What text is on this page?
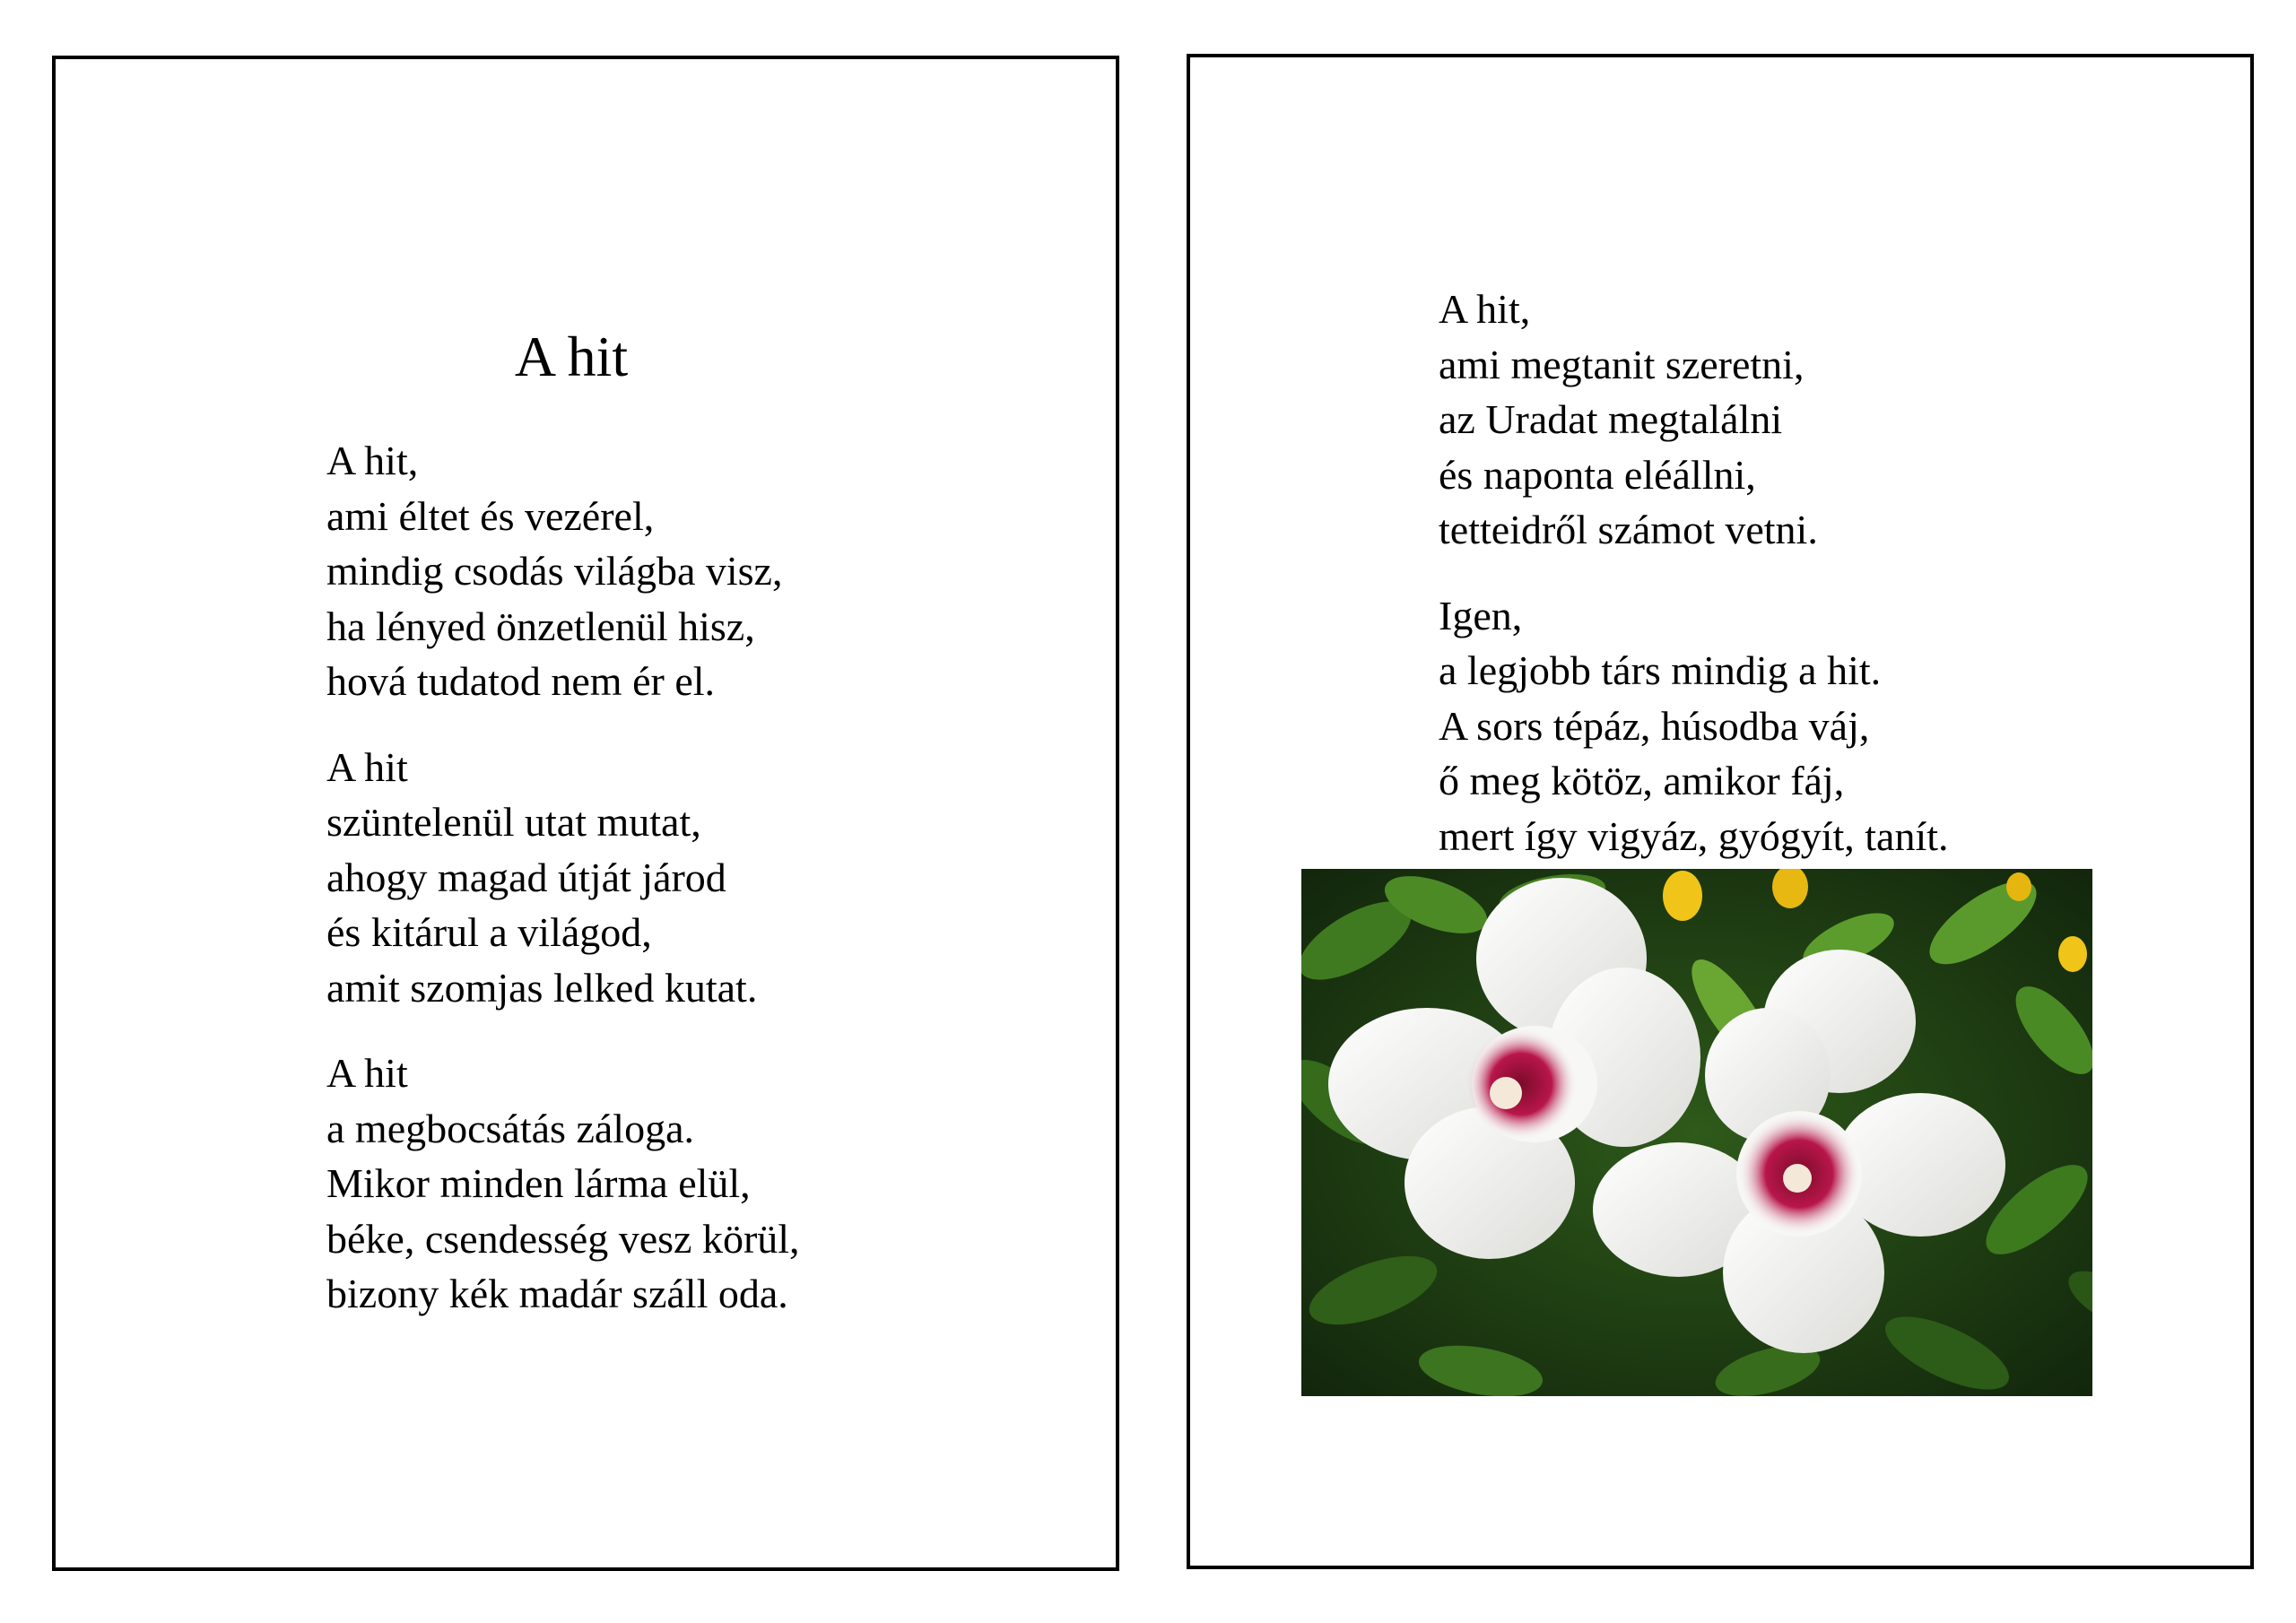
A hit
A hit,
ami éltet és vezérel,
mindig csodás világba visz,
ha lényed önzetlenül hisz,
hová tudatod nem ér el.
A hit
szüntelenül utat mutat,
ahogy magad útját járod
és kitárul a világod,
amit szomjas lelked kutat.
A hit
a megbocsátás záloga.
Mikor minden lárma elül,
béke, csendesség vesz körül,
bizony kék madár száll oda.
A hit,
ami megtanit szeretni,
az Uradat megtalálni
és naponta eléállni,
tetteidről számot vetni.
Igen,
a legjobb társ mindig a hit.
A sors tépáz, húsodba váj,
ő meg kötöz, amikor fáj,
mert így vigyáz, gyógyít, tanít.
